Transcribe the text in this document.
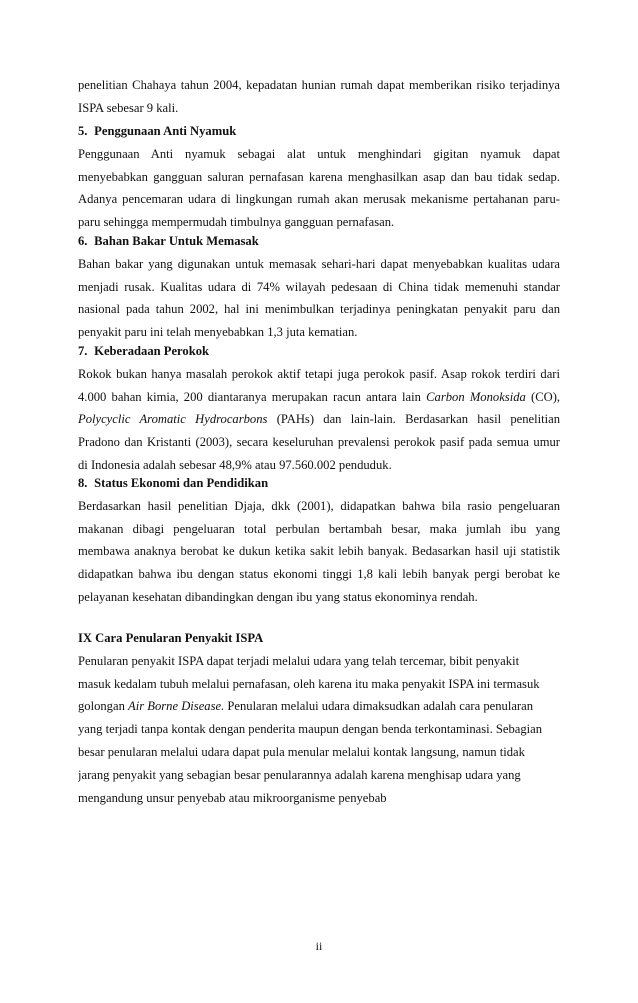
penelitian Chahaya tahun 2004, kepadatan hunian rumah dapat memberikan risiko terjadinya
ISPA sebesar 9 kali.
5. Penggunaan Anti Nyamuk
Penggunaan Anti nyamuk sebagai alat untuk menghindari gigitan nyamuk dapat
menyebabkan gangguan saluran pernafasan karena menghasilkan asap dan bau tidak sedap.
Adanya pencemaran udara di lingkungan rumah akan merusak mekanisme pertahanan paru-
paru sehingga mempermudah timbulnya gangguan pernafasan.
6. Bahan Bakar Untuk Memasak
Bahan bakar yang digunakan untuk memasak sehari-hari dapat menyebabkan kualitas udara
menjadi rusak. Kualitas udara di 74% wilayah pedesaan di China tidak memenuhi standar
nasional pada tahun 2002, hal ini menimbulkan terjadinya peningkatan penyakit paru dan
penyakit paru ini telah menyebabkan 1,3 juta kematian.
7. Keberadaan Perokok
Rokok bukan hanya masalah perokok aktif tetapi juga perokok pasif. Asap rokok terdiri dari
4.000 bahan kimia, 200 diantaranya merupakan racun antara lain Carbon Monoksida (CO),
Polycyclic Aromatic Hydrocarbons (PAHs) dan lain-lain. Berdasarkan hasil penelitian
Pradono dan Kristanti (2003), secara keseluruhan prevalensi perokok pasif pada semua umur
di Indonesia adalah sebesar 48,9% atau 97.560.002 penduduk.
8. Status Ekonomi dan Pendidikan
Berdasarkan hasil penelitian Djaja, dkk (2001), didapatkan bahwa bila rasio pengeluaran
makanan dibagi pengeluaran total perbulan bertambah besar, maka jumlah ibu yang
membawa anaknya berobat ke dukun ketika sakit lebih banyak. Bedasarkan hasil uji statistik
didapatkan bahwa ibu dengan status ekonomi tinggi 1,8 kali lebih banyak pergi berobat ke
pelayanan kesehatan dibandingkan dengan ibu yang status ekonominya rendah.
IX Cara Penularan Penyakit ISPA
Penularan penyakit ISPA dapat terjadi melalui udara yang telah tercemar, bibit penyakit
masuk kedalam tubuh melalui pernafasan, oleh karena itu maka penyakit ISPA ini termasuk
golongan Air Borne Disease. Penularan melalui udara dimaksudkan adalah cara penularan
yang terjadi tanpa kontak dengan penderita maupun dengan benda terkontaminasi. Sebagian
besar penularan melalui udara dapat pula menular melalui kontak langsung, namun tidak
jarang penyakit yang sebagian besar penularannya adalah karena menghisap udara yang
mengandung unsur penyebab atau mikroorganisme penyebab
ii
